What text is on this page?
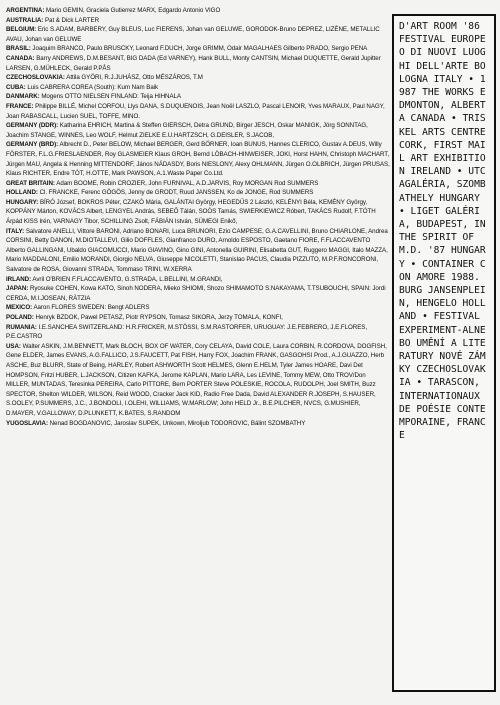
ARGENTINA: Mario GEMIN, Graciela Gutierrez MARX, Edgardo Antonio VIGO

AUSTRALIA: Pat & Dick LARTER

BELGIUM: Eric S.ADAM, BARBERY, Guy BLEUS, Luc FIERENS, Johan van GELUWE, GORODOK-Bruno DEPREZ, LIZÈNE, METALLIC AVAU, Johan van GELUWE

BRASIL: Joaquim BRANCO, Paulo BRUSCKY, Leonard F.DUCH, Jorge GRIMM, Odair MAGALHAES Gilberto PRADO, Sergio PENA

CANADA: Barry ANDREWS, D.M.BESANT, BIG DADA (Ed VARNEY), Hank BULL, Monty CANTSIN, Michael DUQUETTE, Gerald Jupitter LARSEN, G.MÜHLECK, Gerald P.PÅS

CZECHOSLOVAKIA: Attila GYÖRI, R.J.JUHÁSZ, Otto MÉSZÁROS, T.M

CUBA: Luis CABRERA COREA (South): Kum Nam Baik

DANMARK: Mogens OTTO NIELSEN FINLAND: Teija HIHNALA

FRANCE: Philippe BILLÉ, Michel CORFOU, Llys DANA, S.DUQUENOIS, Jean Noël LASZLO, Pascal LENOIR, Yves MARAUX, Paul NAGY, Joan RABASCALL, Lucien SUEL, TOFFE, MINO.

GERMANY (DDR): Katharina EHRICH, Martina & Steffen GIERSCH, Detra GRUND, Birger JESCH, Oskar MANIGK, Jörg SONNTAG, Joachim STANGE, WINNES, Leo WOLF, Helmut ZIELKE E.U.HARTZSCH, G.DEISLER, S.JACOB,

GERMANY (BRD): Albrecht D., Peter BELOW, Michael BERGER, Gerd BÖRNER, Ioan BUNUS, Hannes CLERICO, Gustav A.DEUS, Willy FÖRSTER, F.L.G.FRIESLAENDER, Roy GLASMEIER Klaus GROH, Bernd LÖBACH-HINWEISER, JOKI, Horst HAHN, Christoph MACHART, Jürgen MAU, Angela & Henning MITTENDORF, János NÁDASDY, Boris NIESLONY, Alexy OHLMANN, Jürgen O.OLBRICH, Jürgen PRUSAS, Klaus RICHTER, Endre TÓT, H.OTTE, Mark PAWSON, A.1.Waste Paper Co.Ltd.

GREAT BRITAIN: Adam BOOME, Robin CROZIER, John FURNIVAL, A.D.JARVIS, Roy MORGAN Rod SUMMERS

HOLLAND: Cl. FRANCKE, Ferenc GÖGÖS, Jenny de GRODT, Ruud JANSSEN, Ko de JONGE, Rod SUMMERS

HUNGARY: BÍRÓ József, BOKROS Péter, CZAKÓ Mária, GALÁNTAI György, HEGEDŰS 2 László, KELÉNYI Béla, KEMÉNY György, KOPPÁNY Márton, KOVÁCS Albert, LENGYEL András, SEBEŐ Tálán, SOÓS Tamás, SWIERKIEWICZ Róbert, TAKÁCS Rudolf, F.TÓTH Árpád KISS Irén, VARNAGY Tibor, SCHILLING Zsolt, FÁBIÁN István, SÜMEGI Enikő,

ITALY: Salvatore ANELLI, Vittore BARONI, Adriano BONARI, Luca BRUNORI, Ezio CAMPESE, G.A.CAVELLINI, Bruno CHIARLONE, Andrea CORSINI, Betty DANON, M.DIOTALLEVI, Gilio DOFFLES, Gianfranco DURO, Arnoldo ESPOSTO, Gaetano FIORE, F.FLACCAVENTO Alberto GALLINGANI, Ubaldo GIACOMUCCI, Mario GIAVINO, Gino GINI, Antonella GUIRINI, Elisabetta GUT, Ruggero MAGGI, Italo MAZZA, Mario MADDALONI, Emilio MORANDI, Giorgio NELVA, Giuseppe NICOLETTI, Stanislao PACUS, Claudia PIZZUTO, M.P.F.RONCORONI, Salvatore de ROSA, Giovanni STRADA, Tommaso TRINI, W.XERRA

IRLAND: Avril O'BRIEN F.FLACCAVENTO, G.STRADA, L.BELLINI, M.GRANDI,

JAPAN: Ryosuke COHEN, Kowa KATO, Sinoh NODERA, Mieko SHIOMI, Shozo SHIMAMOTO S.NAKAYAMA, T.TSUBOUCHI, SPAIN: Jordi CERDA, M.I.JOSEAN, RÀTZIA

MEXICO: Aaron FLORES SWEDEN: Bengt ADLERS

POLAND: Henryk BZDOK, Pawel PETASZ, Piotr RYPSON, Tomasz SIKORA, Jerzy TOMALA, KONFI,

RUMANIA: I.E.SANCHEA SWITZERLAND: H.R.FRICKER, M.STÖSSI, S.M.RASTORFER, URUGUAY: J.E.FEBRERO, J.E.FLORES, P.E.CASTRO

USA: Walter ASKIN, J.M.BENNETT, Mark BLOCH, BOX OF WATER, Cory CELAYA, David COLE, Laura CORBIN, R.CORDOVA, DOGFISH, Gene ELDER, James EVANS, A.G.FALLICO, J.S.FAUCETT, Pat FISH, Harry FOX, Joachim FRANK, GASGOHSI Prod., A.J.GUAZZO, Herb ASCHE, Buz BLURR, State of Being, HARLEY, Robert ASHWORTH Scott HELMES, Glenn E.HELM, Tyler James HOARE, Davi Det HOMPSON, Fritzi HUBER, L.JACKSON, Citizen KAFKA, Jerome KAPLAN, Mario LARA, Les LEVINE, Tommy MEW, Otto TROV/Don MILLER, MUNTADAS, Teresinka PEREIRA, Carlo PITTORE, Bern PORTER Steve POLESKIE, ROCOLA, RUDOLPH, Joel SMITH, Buzz SPECTOR, Shelton WILDER, WILSON, Reid WOOD, Cracker Jack KID, Radio Free Dada, David ALEXANDER R.JOSEPH, S.HAUSER, S.OOLEY, P.SUMMERS, J.C., J.BONDOLI, I.OLEHI, WILLIAMS, W.MARLOW; John HELD Jr., B.E.PILCHER, NVCS, G.MUSHIER, D.MAYER, V.GALLOWAY, D.PLUNKETT, K.BATES, S.RANDOM

YUGOSLAVIA: Nenad BOGDANOVIC, Jaroslav SUPEK, Unkown, Miroljub TODOROVIC, Bálint SZOMBATHY

D'ART ROOM '86 FESTIVAL EUROPEO DI NUOVI LUOGHI DELL'ARTE BOLOGNA ITALY • 1987 THE WORKS EDMONTON, ALBERTA CANADA • TRISKEL ARTS CENTRE CORK, FIRST MAIL ART EXHIBITION IRELAND • UTCAGALÉRIA, SZOMBATHELY HUNGARY • LIGET GALÉRIA, BUDAPEST, IN THE SPIRIT OF M.D. '87 HUNGARY • CONTAINER CON AMORE 1988. BURG JANSENPLEIN, HENGELO HOLLAND • FESTIVAL EXPERIMENT-ALNEBO UMĚNÍ A LITERATURY NOVÉ ZÁMKY CZECHOSLOVAKIA • TARASCON, INTERNATIONAUX DE POÉSIE CONTEMPORAINE, FRANCE
